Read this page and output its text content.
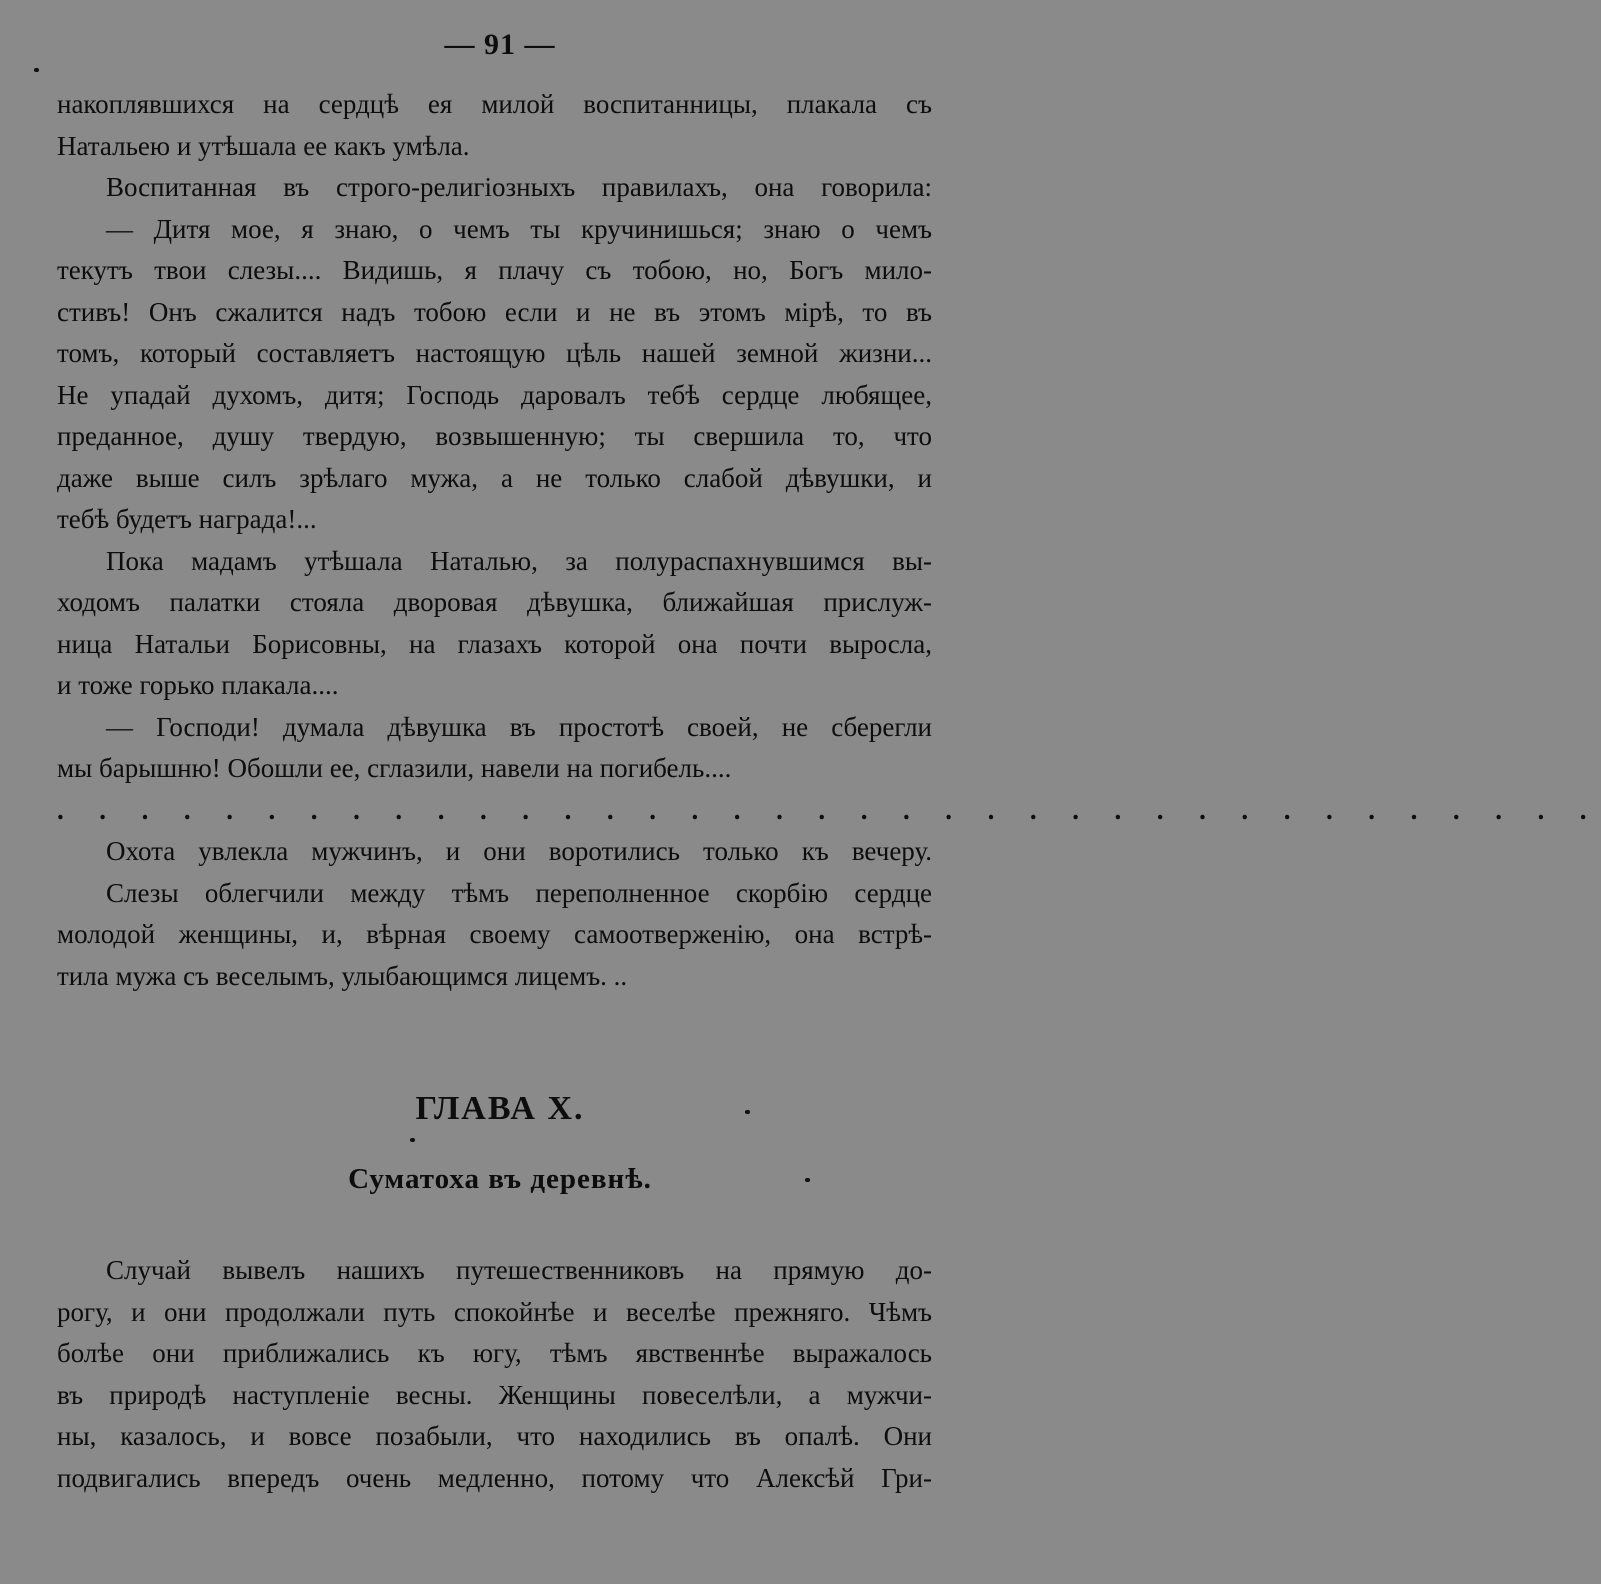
— 91 —
накоплявшихся на сердцѣ ея милой воспитанницы, плакала съ
Натальею и утѣшала ее какъ умѣла.
Воспитанная въ строго-религіозныхъ правилахъ, она говорила:
— Дитя мое, я знаю, о чемъ ты кручинишься; знаю о чемъ
текутъ твои слезы.... Видишь, я плачу съ тобою, но, Богъ мило-
стивъ! Онъ сжалится надъ тобою если и не въ этомъ мірѣ, то въ
томъ, который составляетъ настоящую цѣль нашей земной жизни...
Не упадай духомъ, дитя; Господь даровалъ тебѣ сердце любящее,
преданное, душу твердую, возвышенную; ты свершила то, что
даже выше силъ зрѣлаго мужа, а не только слабой дѣвушки, и
тебѣ будетъ награда!...
Пока мадамъ утѣшала Наталью, за полураспахнувшимся вы-
ходомъ палатки стояла дворовая дѣвушка, ближайшая прислуж-
ница Натальи Борисовны, на глазахъ которой она почти выросла,
и тоже горько плакала....
— Господи! думала дѣвушка въ простотѣ своей, не сберегли
мы барышню! Обошли ее, сглазили, навели на погибель....
. . . . . . . . . . . . . . . . . . . . . . . . . . . . . . . . . . . . .
Охота увлекла мужчинъ, и они воротились только къ вечеру.
Слезы облегчили между тѣмъ переполненное скорбію сердце
молодой женщины, и, вѣрная своему самоотверженію, она встрѣ-
тила мужа съ веселымъ, улыбающимся лицемъ. ..
ГЛАВА X.
Суматоха въ деревнѣ.
Случай вывелъ нашихъ путешественниковъ на прямую до-
рогу, и они продолжали путь спокойнѣе и веселѣе прежняго. Чѣмъ
болѣе они приближались къ югу, тѣмъ явственнѣе выражалось
въ природѣ наступленіе весны. Женщины повеселѣли, а мужчи-
ны, казалось, и вовсе позабыли, что находились въ опалѣ. Они
подвигались впередъ очень медленно, потому что Алексѣй Гри-
